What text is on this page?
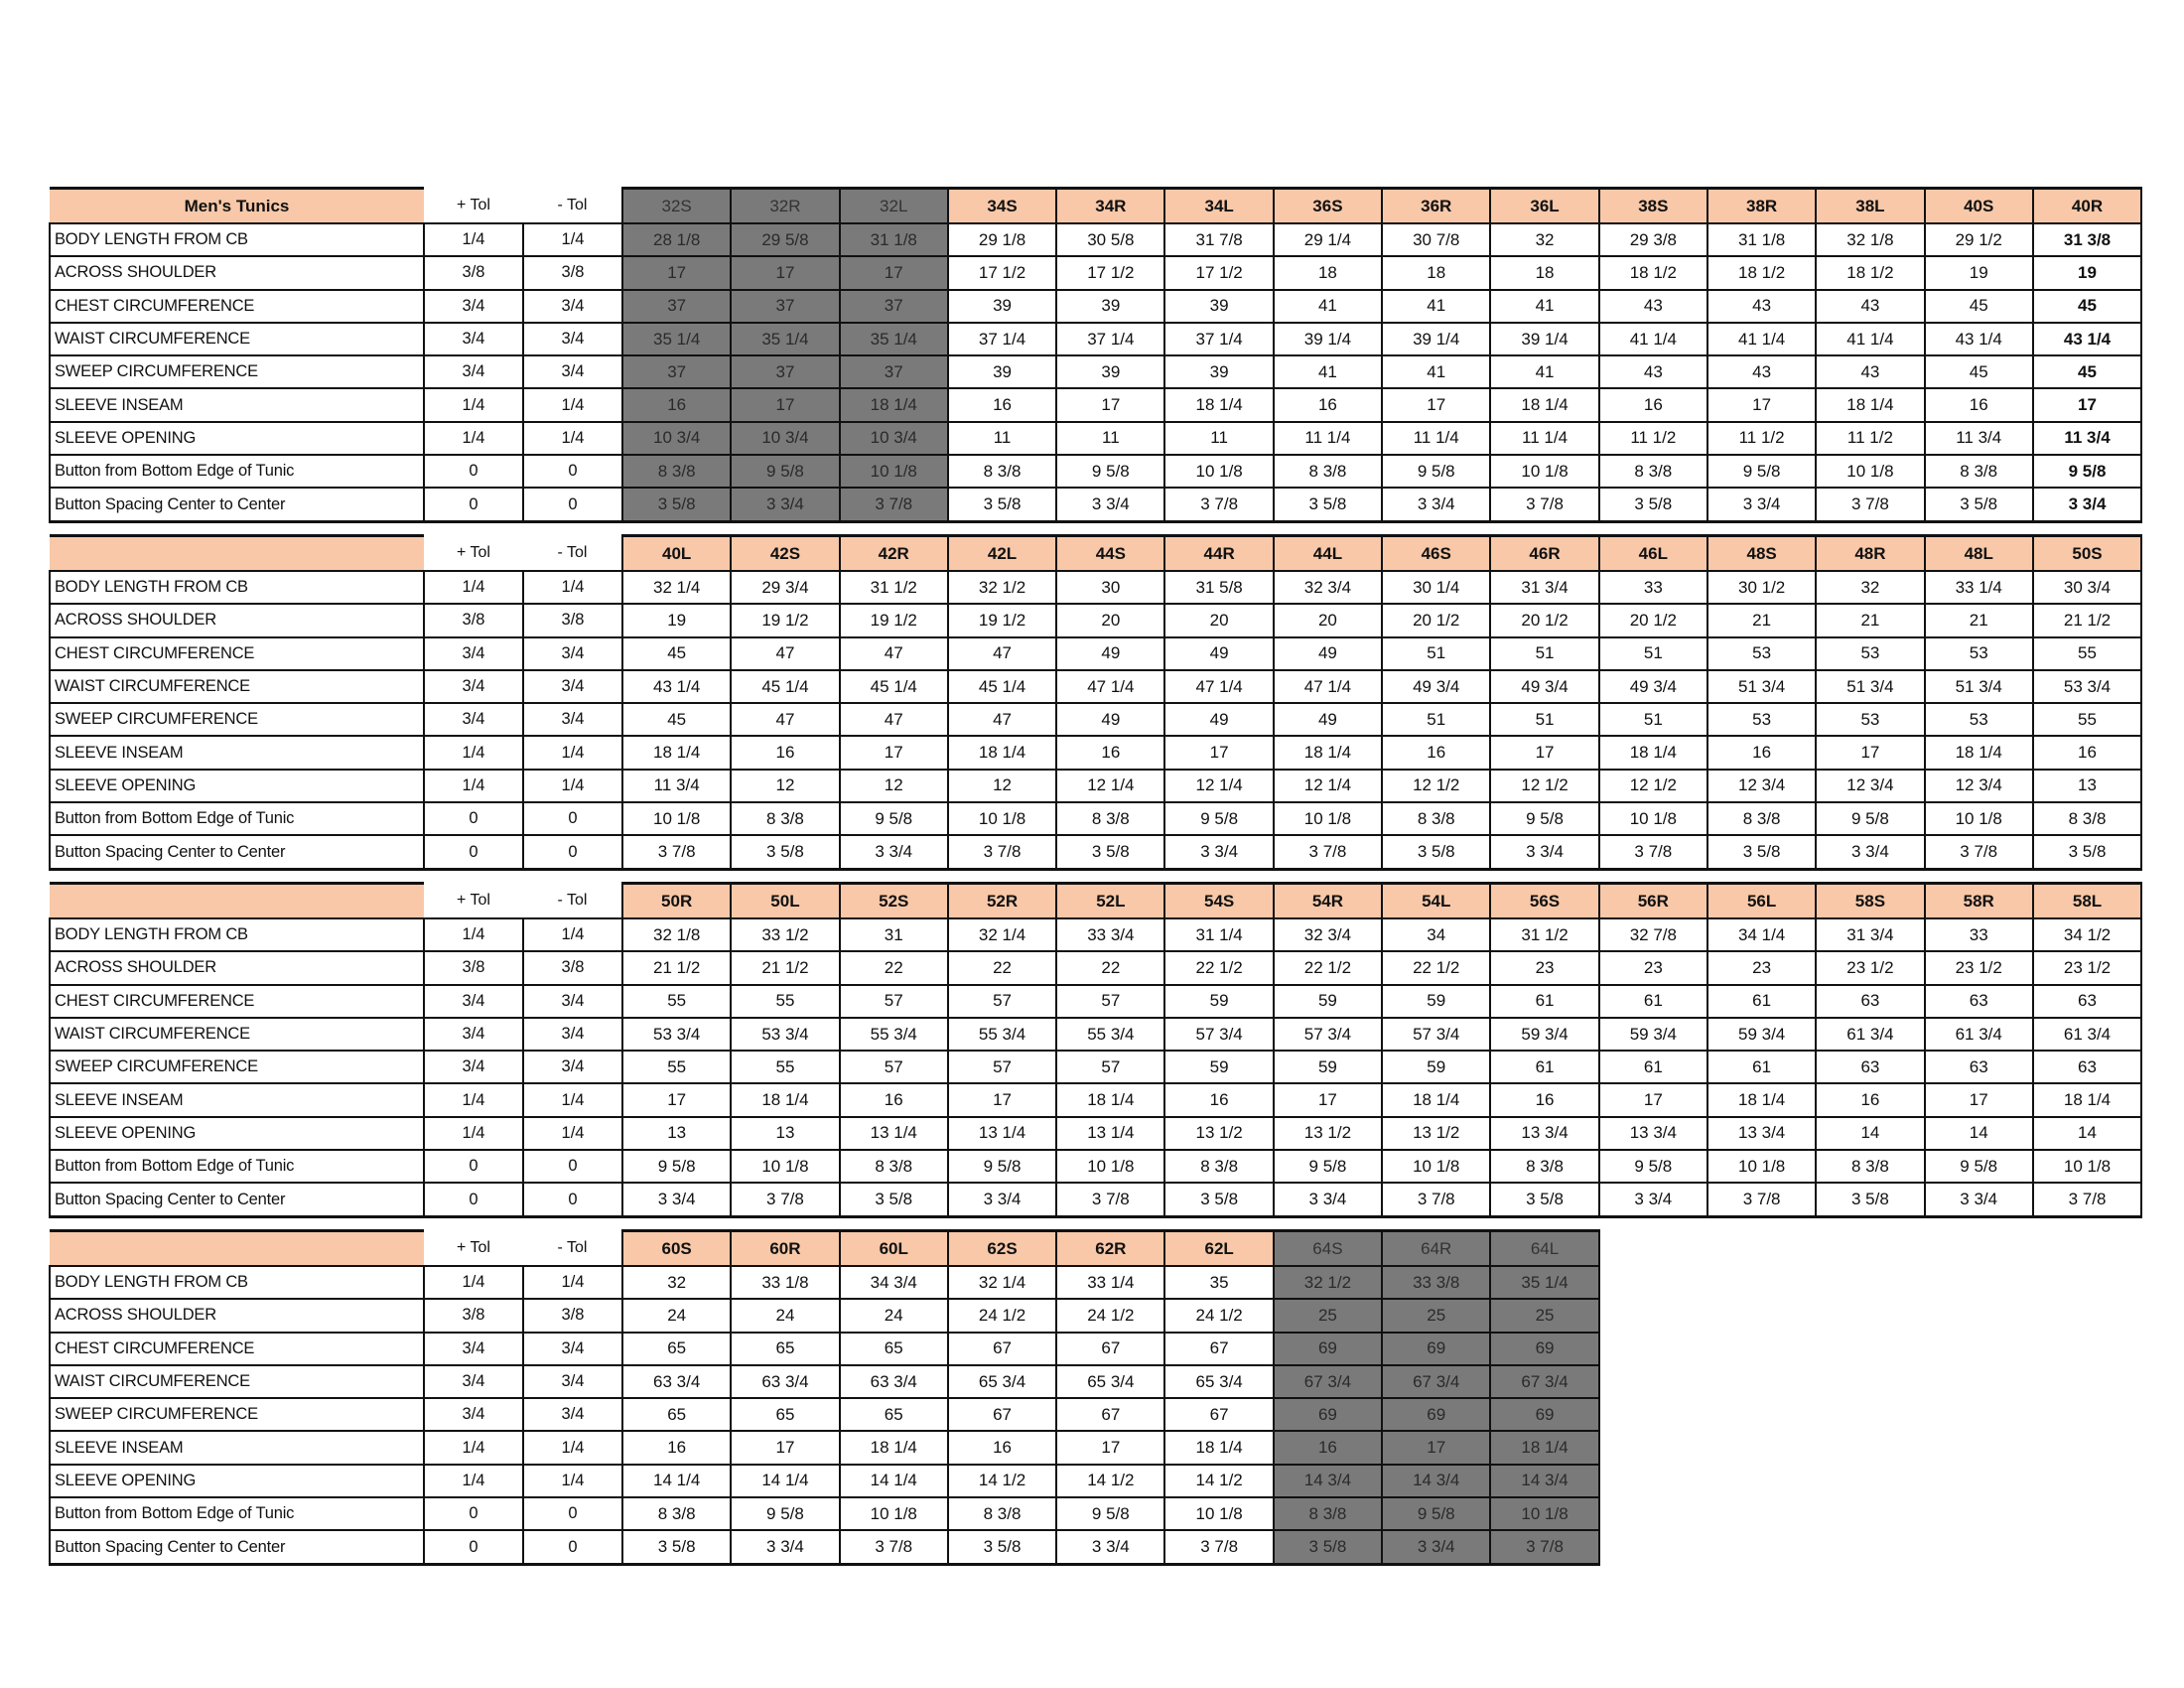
Men's Tunics	+ Tol	- Tol	32S	32R	32L	34S	34R	34L	36S	36R	36L	38S	38R	38L	40S	40R
BODY LENGTH FROM CB	1/4	1/4	28 1/8	29 5/8	31 1/8	29 1/8	30 5/8	31 7/8	29 1/4	30 7/8	32	29 3/8	31 1/8	32 1/8	29 1/2	31 3/8
ACROSS SHOULDER	3/8	3/8	17	17	17	17 1/2	17 1/2	17 1/2	18	18	18	18 1/2	18 1/2	18 1/2	19	19
CHEST CIRCUMFERENCE	3/4	3/4	37	37	37	39	39	39	41	41	41	43	43	43	45	45
WAIST CIRCUMFERENCE	3/4	3/4	35 1/4	35 1/4	35 1/4	37 1/4	37 1/4	37 1/4	39 1/4	39 1/4	39 1/4	41 1/4	41 1/4	41 1/4	43 1/4	43 1/4
SWEEP CIRCUMFERENCE	3/4	3/4	37	37	37	39	39	39	41	41	41	43	43	43	45	45
SLEEVE INSEAM	1/4	1/4	16	17	18 1/4	16	17	18 1/4	16	17	18 1/4	16	17	18 1/4	16	17
SLEEVE OPENING	1/4	1/4	10 3/4	10 3/4	10 3/4	11	11	11	11 1/4	11 1/4	11 1/4	11 1/2	11 1/2	11 1/2	11 3/4	11 3/4
Button from Bottom Edge of Tunic	0	0	8 3/8	9 5/8	10 1/8	8 3/8	9 5/8	10 1/8	8 3/8	9 5/8	10 1/8	8 3/8	9 5/8	10 1/8	8 3/8	9 5/8
Button Spacing Center to Center	0	0	3 5/8	3 3/4	3 7/8	3 5/8	3 3/4	3 7/8	3 5/8	3 3/4	3 7/8	3 5/8	3 3/4	3 7/8	3 5/8	3 3/4
	+ Tol	- Tol	40L	42S	42R	42L	44S	44R	44L	46S	46R	46L	48S	48R	48L	50S
BODY LENGTH FROM CB	1/4	1/4	32 1/4	29 3/4	31 1/2	32 1/2	30	31 5/8	32 3/4	30 1/4	31 3/4	33	30 1/2	32	33 1/4	30 3/4
ACROSS SHOULDER	3/8	3/8	19	19 1/2	19 1/2	19 1/2	20	20	20	20 1/2	20 1/2	20 1/2	21	21	21	21 1/2
CHEST CIRCUMFERENCE	3/4	3/4	45	47	47	47	49	49	49	51	51	51	53	53	53	55
WAIST CIRCUMFERENCE	3/4	3/4	43 1/4	45 1/4	45 1/4	45 1/4	47 1/4	47 1/4	47 1/4	49 3/4	49 3/4	49 3/4	51 3/4	51 3/4	51 3/4	53 3/4
SWEEP CIRCUMFERENCE	3/4	3/4	45	47	47	47	49	49	49	51	51	51	53	53	53	55
SLEEVE INSEAM	1/4	1/4	18 1/4	16	17	18 1/4	16	17	18 1/4	16	17	18 1/4	16	17	18 1/4	16
SLEEVE OPENING	1/4	1/4	11 3/4	12	12	12	12 1/4	12 1/4	12 1/4	12 1/2	12 1/2	12 1/2	12 3/4	12 3/4	12 3/4	13
Button from Bottom Edge of Tunic	0	0	10 1/8	8 3/8	9 5/8	10 1/8	8 3/8	9 5/8	10 1/8	8 3/8	9 5/8	10 1/8	8 3/8	9 5/8	10 1/8	8 3/8
Button Spacing Center to Center	0	0	3 7/8	3 5/8	3 3/4	3 7/8	3 5/8	3 3/4	3 7/8	3 5/8	3 3/4	3 7/8	3 5/8	3 3/4	3 7/8	3 5/8
	+ Tol	- Tol	50R	50L	52S	52R	52L	54S	54R	54L	56S	56R	56L	58S	58R	58L
BODY LENGTH FROM CB	1/4	1/4	32 1/8	33 1/2	31	32 1/4	33 3/4	31 1/4	32 3/4	34	31 1/2	32 7/8	34 1/4	31 3/4	33	34 1/2
ACROSS SHOULDER	3/8	3/8	21 1/2	21 1/2	22	22	22	22 1/2	22 1/2	22 1/2	23	23	23	23 1/2	23 1/2	23 1/2
CHEST CIRCUMFERENCE	3/4	3/4	55	55	57	57	57	59	59	59	61	61	61	63	63	63
WAIST CIRCUMFERENCE	3/4	3/4	53 3/4	53 3/4	55 3/4	55 3/4	55 3/4	57 3/4	57 3/4	57 3/4	59 3/4	59 3/4	59 3/4	61 3/4	61 3/4	61 3/4
SWEEP CIRCUMFERENCE	3/4	3/4	55	55	57	57	57	59	59	59	61	61	61	63	63	63
SLEEVE INSEAM	1/4	1/4	17	18 1/4	16	17	18 1/4	16	17	18 1/4	16	17	18 1/4	16	17	18 1/4
SLEEVE OPENING	1/4	1/4	13	13	13 1/4	13 1/4	13 1/4	13 1/2	13 1/2	13 1/2	13 3/4	13 3/4	13 3/4	14	14	14
Button from Bottom Edge of Tunic	0	0	9 5/8	10 1/8	8 3/8	9 5/8	10 1/8	8 3/8	9 5/8	10 1/8	8 3/8	9 5/8	10 1/8	8 3/8	9 5/8	10 1/8
Button Spacing Center to Center	0	0	3 3/4	3 7/8	3 5/8	3 3/4	3 7/8	3 5/8	3 3/4	3 7/8	3 5/8	3 3/4	3 7/8	3 5/8	3 3/4	3 7/8
	+ Tol	- Tol	60S	60R	60L	62S	62R	62L	64S	64R	64L
BODY LENGTH FROM CB	1/4	1/4	32	33 1/8	34 3/4	32 1/4	33 1/4	35	32 1/2	33 3/8	35 1/4
ACROSS SHOULDER	3/8	3/8	24	24	24	24 1/2	24 1/2	24 1/2	25	25	25
CHEST CIRCUMFERENCE	3/4	3/4	65	65	65	67	67	67	69	69	69
WAIST CIRCUMFERENCE	3/4	3/4	63 3/4	63 3/4	63 3/4	65 3/4	65 3/4	65 3/4	67 3/4	67 3/4	67 3/4
SWEEP CIRCUMFERENCE	3/4	3/4	65	65	65	67	67	67	69	69	69
SLEEVE INSEAM	1/4	1/4	16	17	18 1/4	16	17	18 1/4	16	17	18 1/4
SLEEVE OPENING	1/4	1/4	14 1/4	14 1/4	14 1/4	14 1/2	14 1/2	14 1/2	14 3/4	14 3/4	14 3/4
Button from Bottom Edge of Tunic	0	0	8 3/8	9 5/8	10 1/8	8 3/8	9 5/8	10 1/8	8 3/8	9 5/8	10 1/8
Button Spacing Center to Center	0	0	3 5/8	3 3/4	3 7/8	3 5/8	3 3/4	3 7/8	3 5/8	3 3/4	3 7/8
